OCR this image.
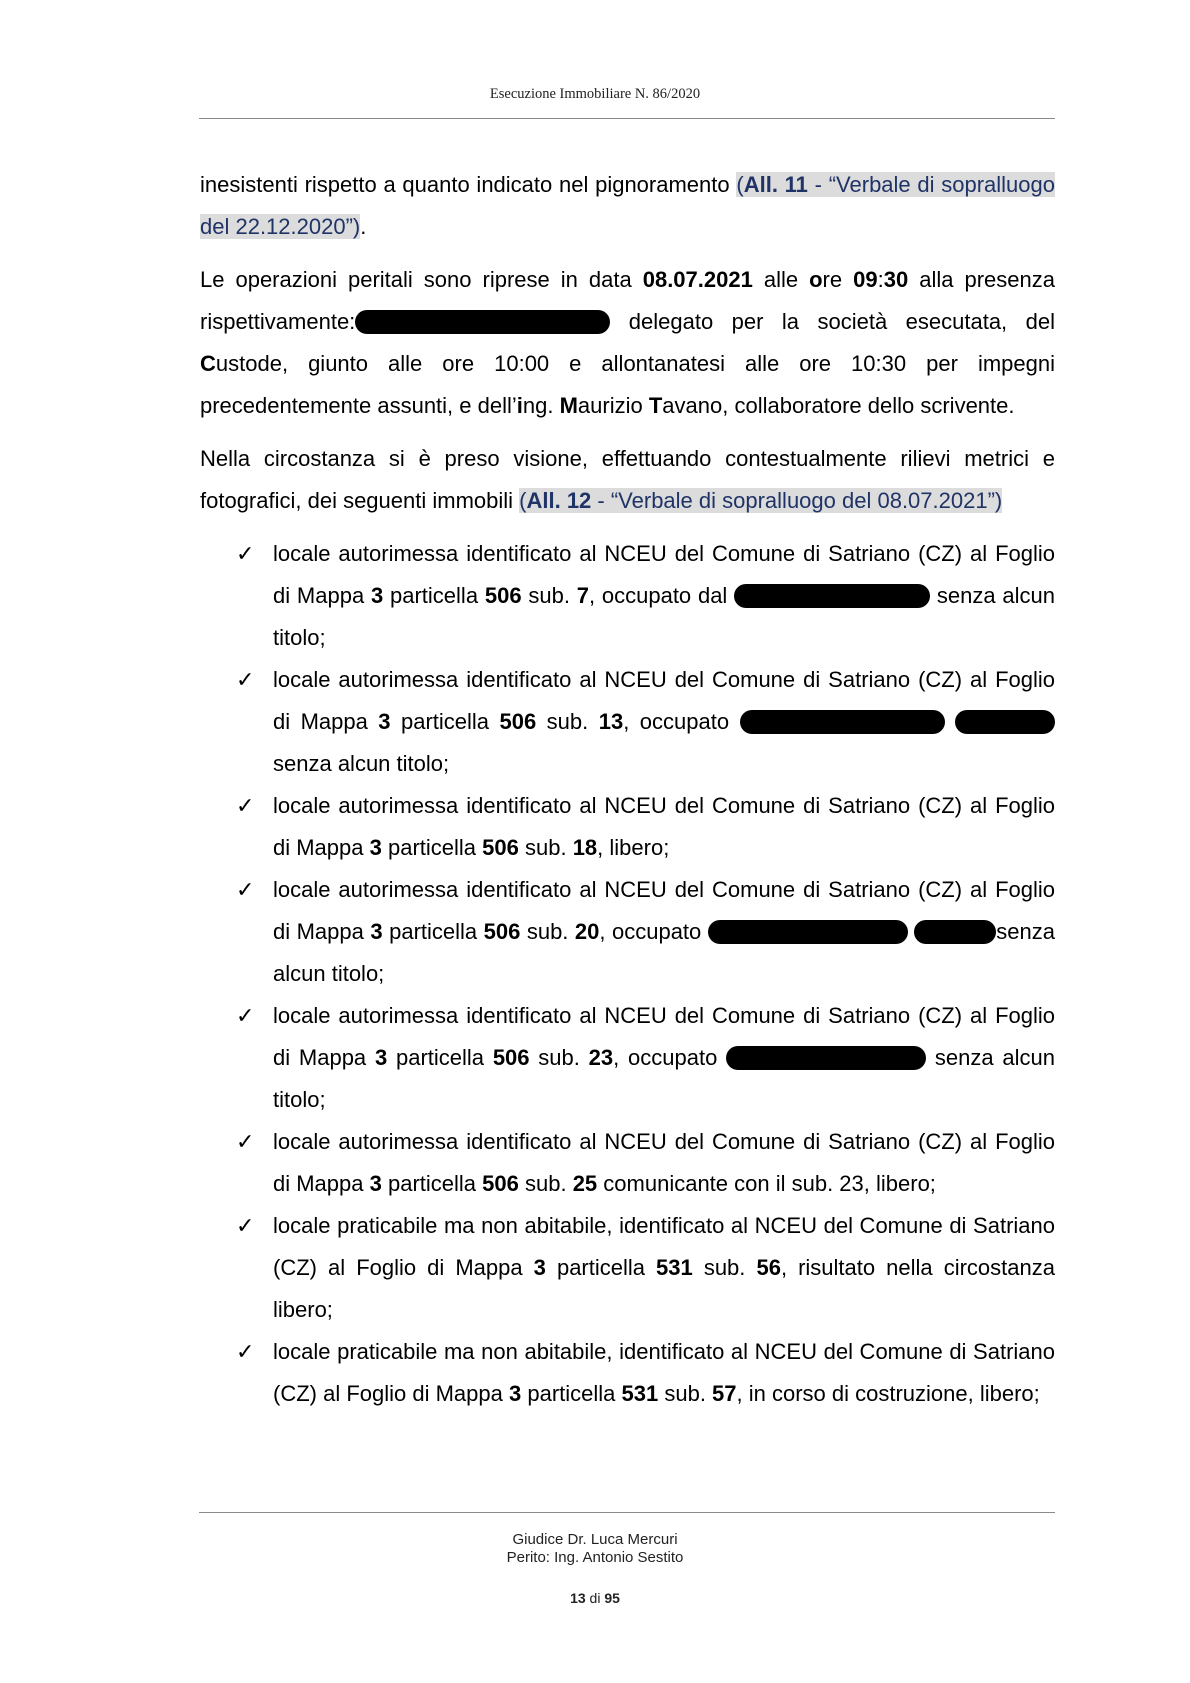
Esecuzione Immobiliare N. 86/2020

inesistenti rispetto a quanto indicato nel pignoramento (All. 11 - “Verbale di sopralluogo del 22.12.2020”).

Le operazioni peritali sono riprese in data 08.07.2021 alle ore 09:30 alla presenza rispettivamente:	delegato per la società esecutata, del Custode, giunto alle ore 10:00 e allontanatesi alle ore 10:30 per impegni precedentemente assunti, e dell’ing. Maurizio Tavano, collaboratore dello scrivente.

Nella circostanza si è preso visione, effettuando contestualmente rilievi metrici e fotografici, dei seguenti immobili (All. 12 - “Verbale di sopralluogo del 08.07.2021”)

✓ locale autorimessa identificato al NCEU del Comune di Satriano (CZ) al Foglio di Mappa 3 particella 506 sub. 7, occupato dal	senza alcun titolo;
✓ locale autorimessa identificato al NCEU del Comune di Satriano (CZ) al Foglio di Mappa 3 particella 506 sub. 13, occupato  senza alcun titolo;
✓ locale autorimessa identificato al NCEU del Comune di Satriano (CZ) al Foglio di Mappa 3 particella 506 sub. 18, libero;
✓ locale autorimessa identificato al NCEU del Comune di Satriano (CZ) al Foglio di Mappa 3 particella 506 sub. 20, occupato	senza alcun titolo;
✓ locale autorimessa identificato al NCEU del Comune di Satriano (CZ) al Foglio di Mappa 3 particella 506 sub. 23, occupato	senza alcun titolo;
✓ locale autorimessa identificato al NCEU del Comune di Satriano (CZ) al Foglio di Mappa 3 particella 506 sub. 25 comunicante con il sub. 23, libero;
✓ locale praticabile ma non abitabile, identificato al NCEU del Comune di Satriano (CZ) al Foglio di Mappa 3 particella 531 sub. 56, risultato nella circostanza libero;
✓ locale praticabile ma non abitabile, identificato al NCEU del Comune di Satriano (CZ) al Foglio di Mappa 3 particella 531 sub. 57, in corso di costruzione, libero;
Giudice Dr. Luca Mercuri
Perito: Ing. Antonio Sestito
13 di 95
